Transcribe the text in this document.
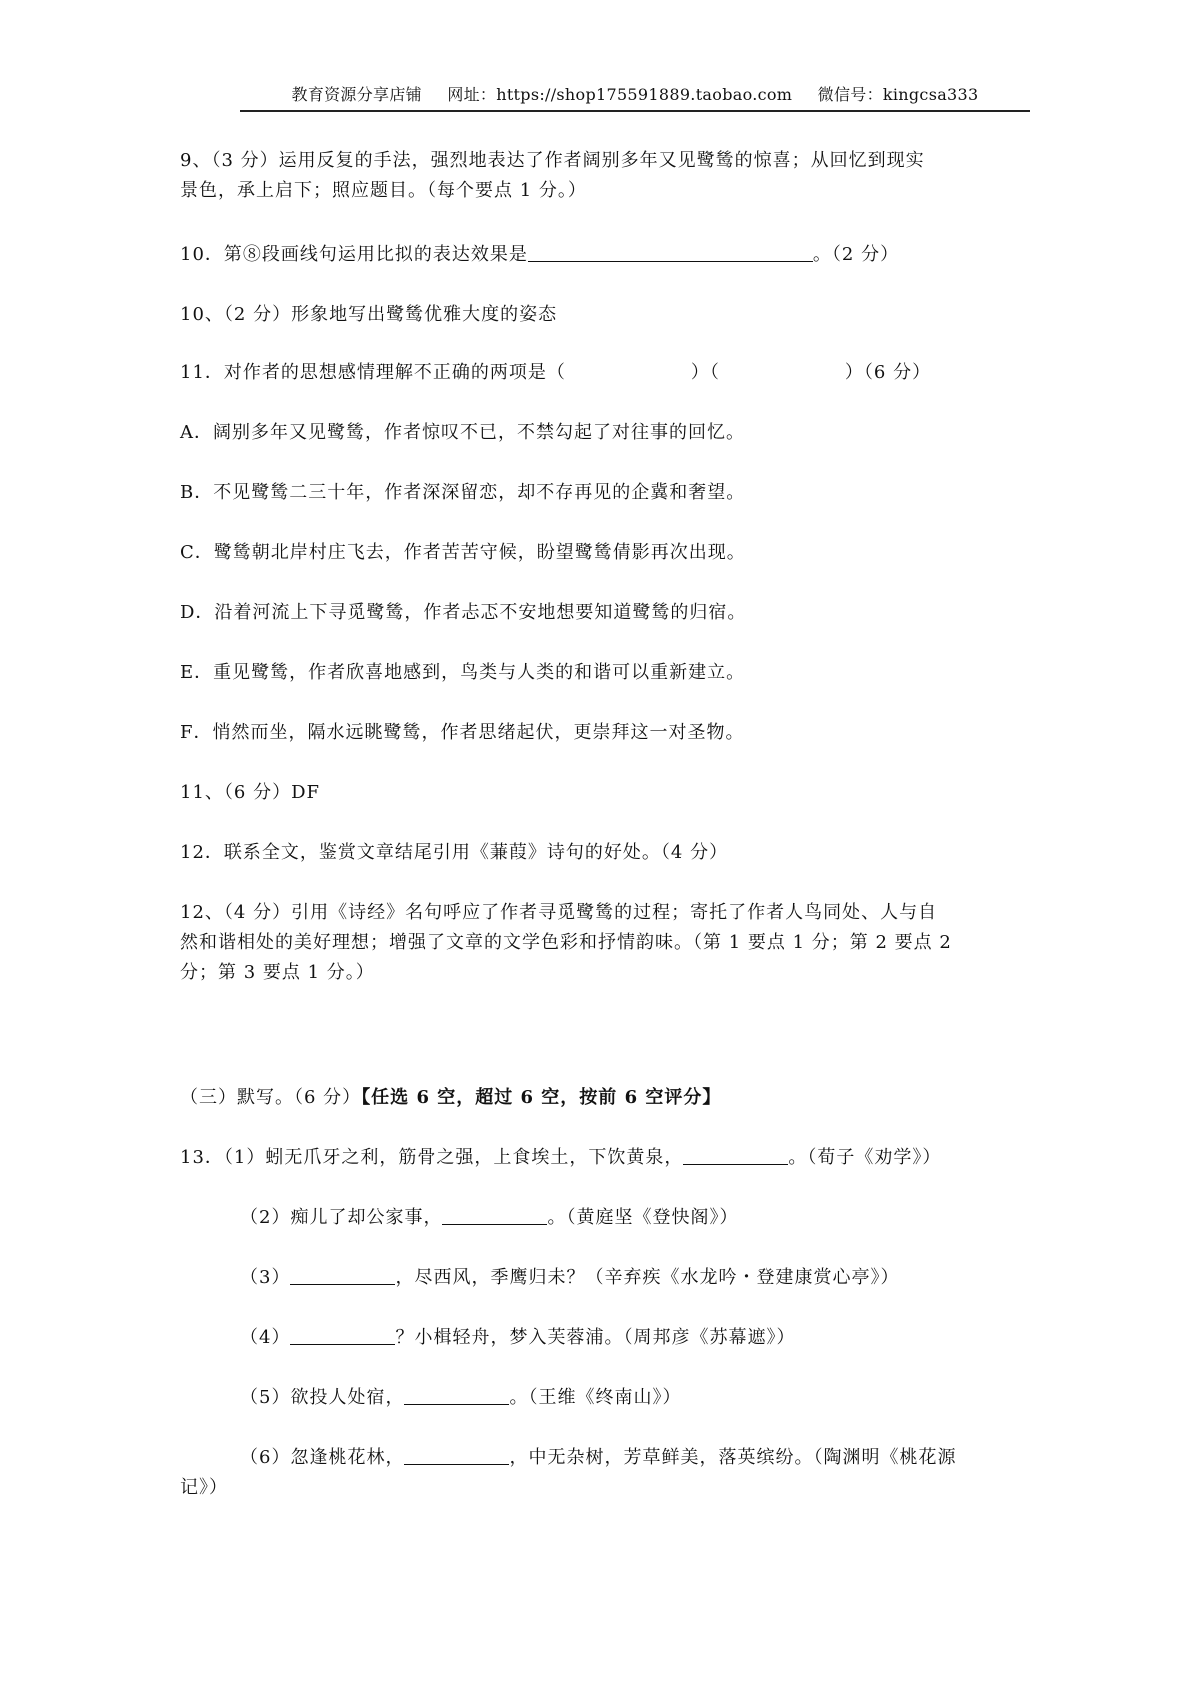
教育资源分享店铺 网址：https://shop175591889.taobao.com 微信号：kingcsa333
9、（3 分）运用反复的手法，强烈地表达了作者阔别多年又见鹭鸶的惊喜；从回忆到现实
景色，承上启下；照应题目。（每个要点 1 分。）
10．第⑧段画线句运用比拟的表达效果是	。（2 分）
10、（2 分）形象地写出鹭鸶优雅大度的姿态
11．对作者的思想感情理解不正确的两项是（	）（	）（6 分）
A．阔别多年又见鹭鸶，作者惊叹不已，不禁勾起了对往事的回忆。
B．不见鹭鸶二三十年，作者深深留恋，却不存再见的企冀和奢望。
C．鹭鸶朝北岸村庄飞去，作者苦苦守候，盼望鹭鸶倩影再次出现。
D．沿着河流上下寻觅鹭鸶，作者忐忑不安地想要知道鹭鸶的归宿。
E．重见鹭鸶，作者欣喜地感到，鸟类与人类的和谐可以重新建立。
F．悄然而坐，隔水远眺鹭鸶，作者思绪起伏，更崇拜这一对圣物。
11、（6 分）DF
12．联系全文，鉴赏文章结尾引用《蒹葭》诗句的好处。（4 分）
12、（4 分）引用《诗经》名句呼应了作者寻觅鹭鸶的过程；寄托了作者人鸟同处、人与自
然和谐相处的美好理想；增强了文章的文学色彩和抒情韵味。（第 1 要点 1 分；第 2 要点 2
分；第 3 要点 1 分。）
（三）默写。（6 分）【任选 6 空，超过 6 空，按前 6 空评分】
13．（1）蚓无爪牙之利，筋骨之强，上食埃土，下饮黄泉，	。（荀子《劝学》）
（2）痴儿了却公家事，	。（黄庭坚《登快阁》）
（3）	，尽西风，季鹰归未？（辛弃疾《水龙吟・登建康赏心亭》）
（4）	？小楫轻舟，梦入芙蓉浦。（周邦彦《苏幕遮》）
（5）欲投人处宿，	。（王维《终南山》）
（6）忽逢桃花林，	，中无杂树，芳草鲜美，落英缤纷。（陶渊明《桃花源
记》）
